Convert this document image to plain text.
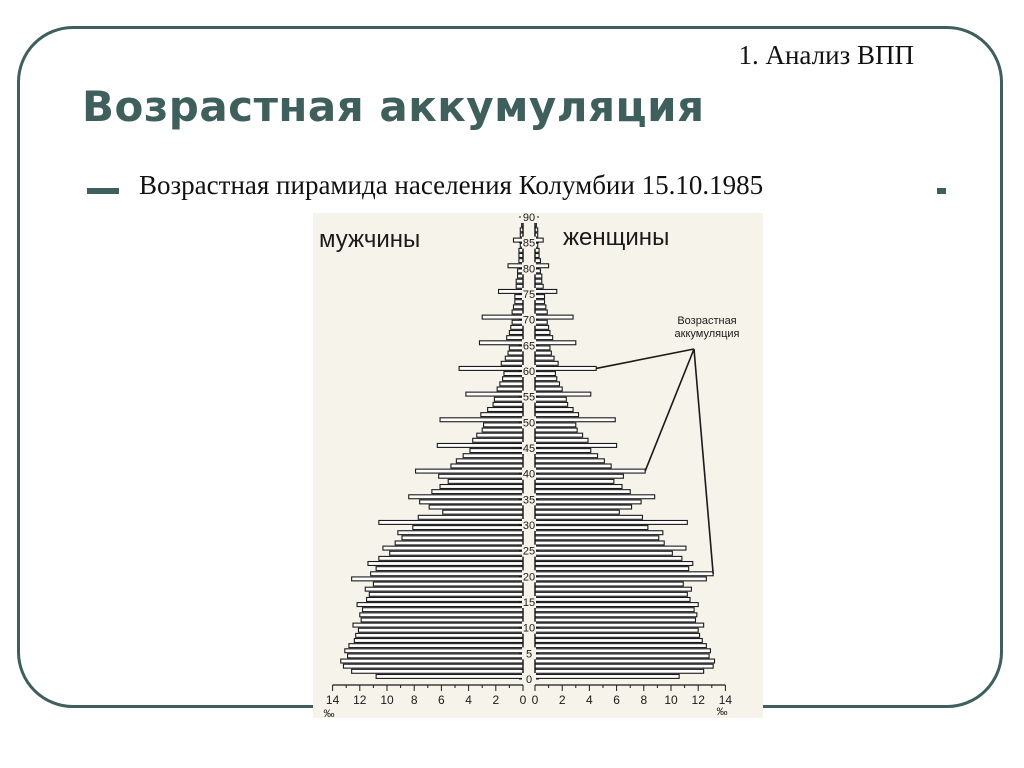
1. Анализ ВПП
Возрастная аккумуляция
Возрастная пирамида населения Колумбии 15.10.1985
мужчины	женщины
0
5
10
15
20
25
30
35
40
45
50
55
60
65
70
75
80
85
90
14 12 10 8 6 4 2 0 0 2 4 6 8 10 12 14
‰	‰
Возрастная
аккумуляция
